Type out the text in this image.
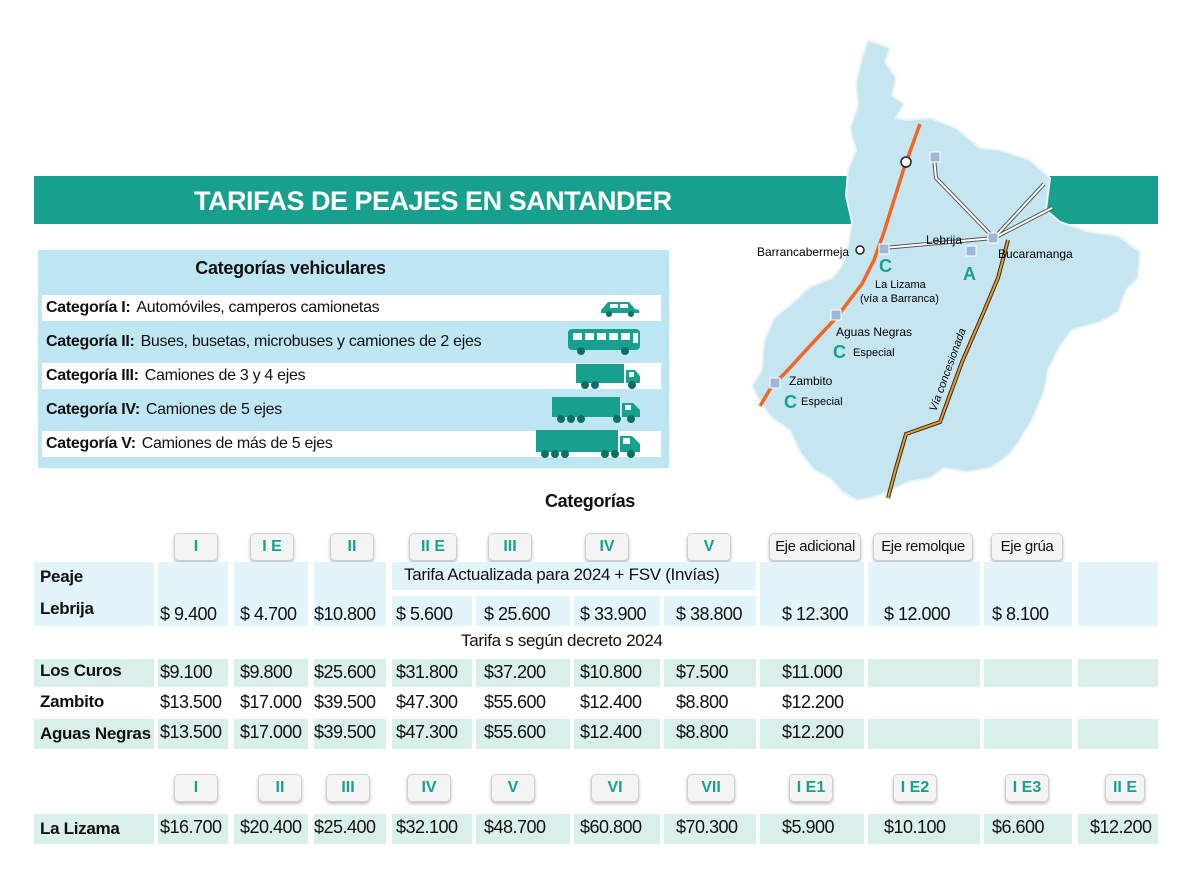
TARIFAS DE PEAJES EN SANTANDER
Categorías vehiculares
Categoría I: Automóviles, camperos camionetas
Categoría II: Buses, busetas, microbuses y camiones de 2 ejes
Categoría III: Camiones de 3 y 4 ejes
Categoría IV: Camiones de 5 ejes
Categoría V: Camiones de más de 5 ejes
Barrancabermeja
Lebrija
Bucaramanga
C
La Lizama
(vía a Barranca)
A
Aguas Negras
C Especial
Zambito
C Especial	Vía concesionada
Categorías
I	I E	II	II E	III	IV	V	Eje adicional	Eje remolque	Eje grúa
Peaje	Tarifa Actualizada para 2024 + FSV (Invías)
Lebrija	$ 9.400 $ 4.700 $10.800 $ 5.600 $ 25.600 $ 33.900 $ 38.800 $ 12.300 $ 12.000 $ 8.100
Tarifa s según decreto 2024
Los Curos $9.100 $9.800 $25.600 $31.800 $37.200 $10.800 $7.500	$11.000
Zambito	$13.500 $17.000 $39.500 $47.300 $55.600 $12.400 $8.800	$12.200
Aguas Negras $13.500 $17.000 $39.500 $47.300 $55.600 $12.400 $8.800	$12.200
I	II	III	IV	V	VI	VII	I E1	I E2	I E3	II E
La Lizama $16.700 $20.400 $25.400 $32.100 $48.700 $60.800 $70.300 $5.900	$10.100	$6.600	$12.200
